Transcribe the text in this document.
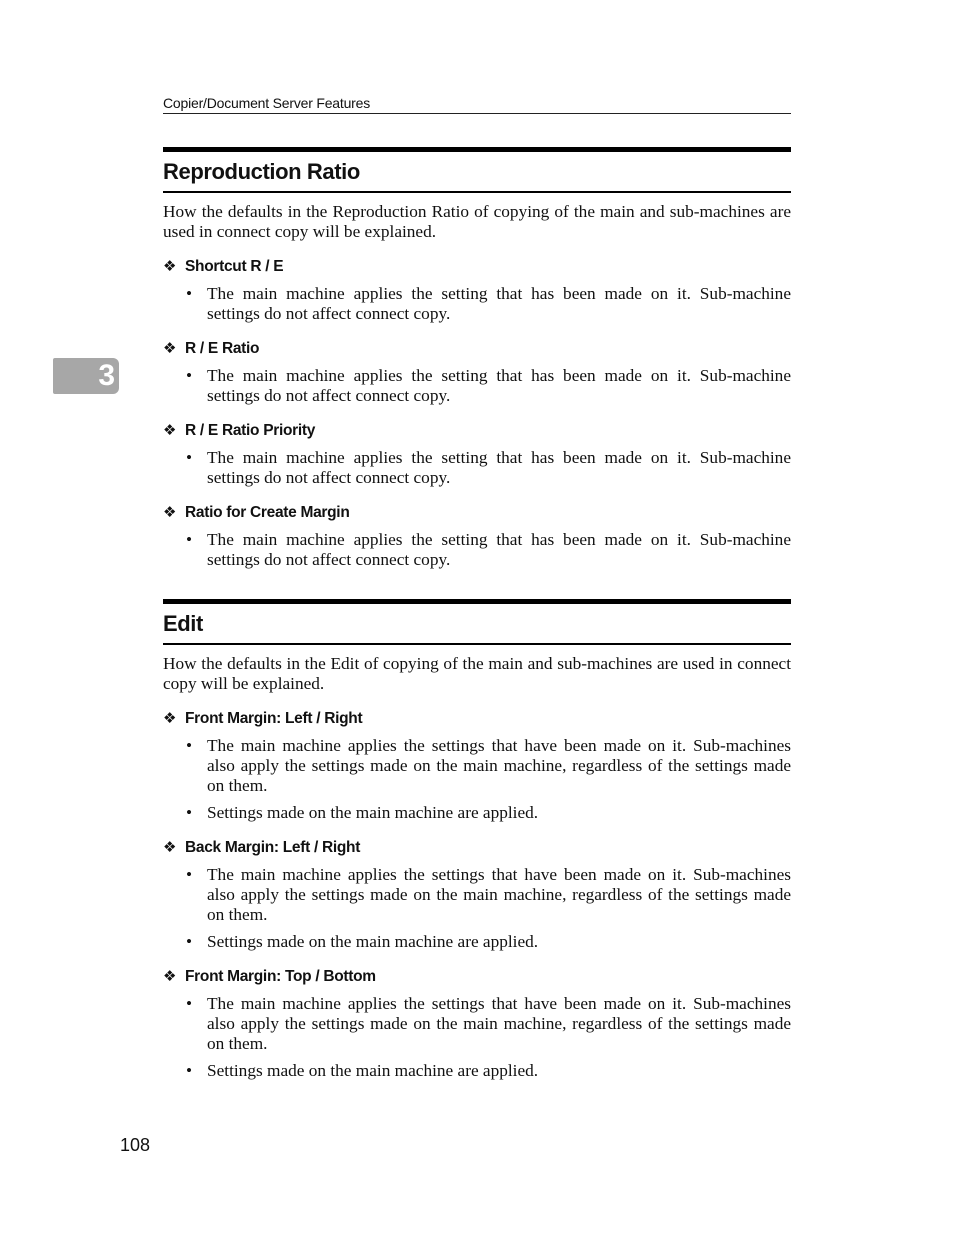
Copier/Document Server Features
3
Reproduction Ratio

How the defaults in the Reproduction Ratio of copying of the main and sub-machines are used in connect copy will be explained.

❖ Shortcut R / E
• The main machine applies the setting that has been made on it. Sub-machine settings do not affect connect copy.
❖ R / E Ratio
• The main machine applies the setting that has been made on it. Sub-machine settings do not affect connect copy.
❖ R / E Ratio Priority
• The main machine applies the setting that has been made on it. Sub-machine settings do not affect connect copy.
❖ Ratio for Create Margin
• The main machine applies the setting that has been made on it. Sub-machine settings do not affect connect copy.
Edit

How the defaults in the Edit of copying of the main and sub-machines are used in connect copy will be explained.

❖ Front Margin: Left / Right
• The main machine applies the settings that have been made on it. Sub-machines also apply the settings made on the main machine, regardless of the settings made on them.
• Settings made on the main machine are applied.
❖ Back Margin: Left / Right
• The main machine applies the settings that have been made on it. Sub-machines also apply the settings made on the main machine, regardless of the settings made on them.
• Settings made on the main machine are applied.
❖ Front Margin: Top / Bottom
• The main machine applies the settings that have been made on it. Sub-machines also apply the settings made on the main machine, regardless of the settings made on them.
• Settings made on the main machine are applied.
108
